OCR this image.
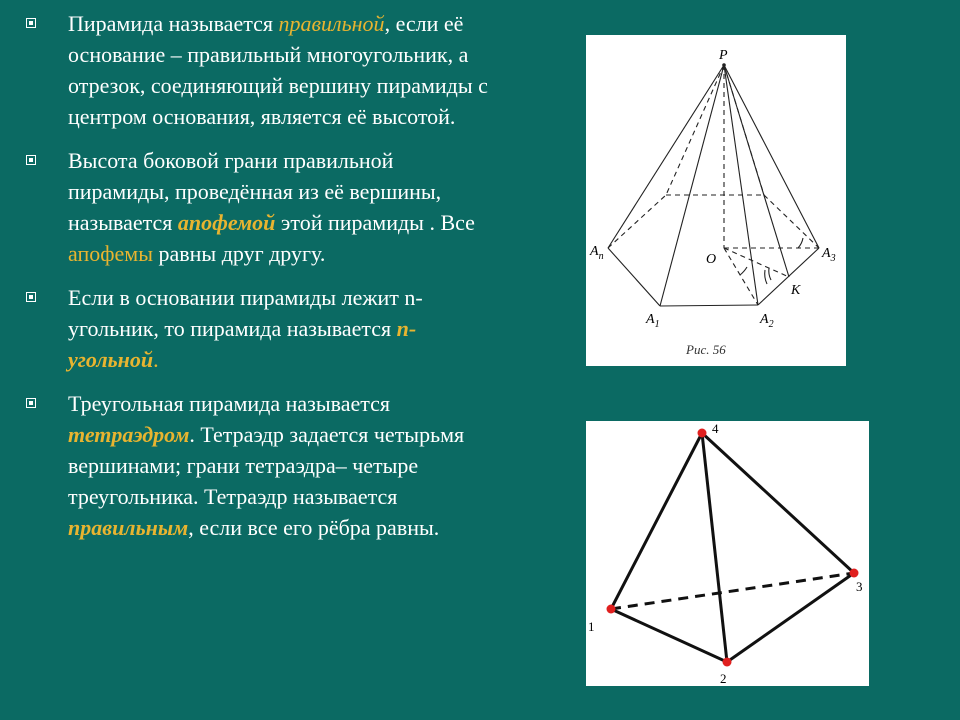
Пирамида называется правильной, если её основание – правильный многоугольник, а отрезок, соединяющий вершину пирамиды с центром основания, является её высотой.
Высота боковой грани правильной пирамиды, проведённая из её вершины, называется апофемой этой пирамиды . Все апофемы равны друг другу.
Если в основании пирамиды лежит n-угольник, то пирамида называется n-угольной.
Треугольная пирамида называется тетраэдром. Тетраэдр задается четырьмя вершинами; грани тетраэдра– четыре треугольника. Тетраэдр называется правильным, если все его рёбра равны.
P
O
$A_n$	$A_3$
$A_1$	$A_2$
K
Рис. 56
1
2
3
4
